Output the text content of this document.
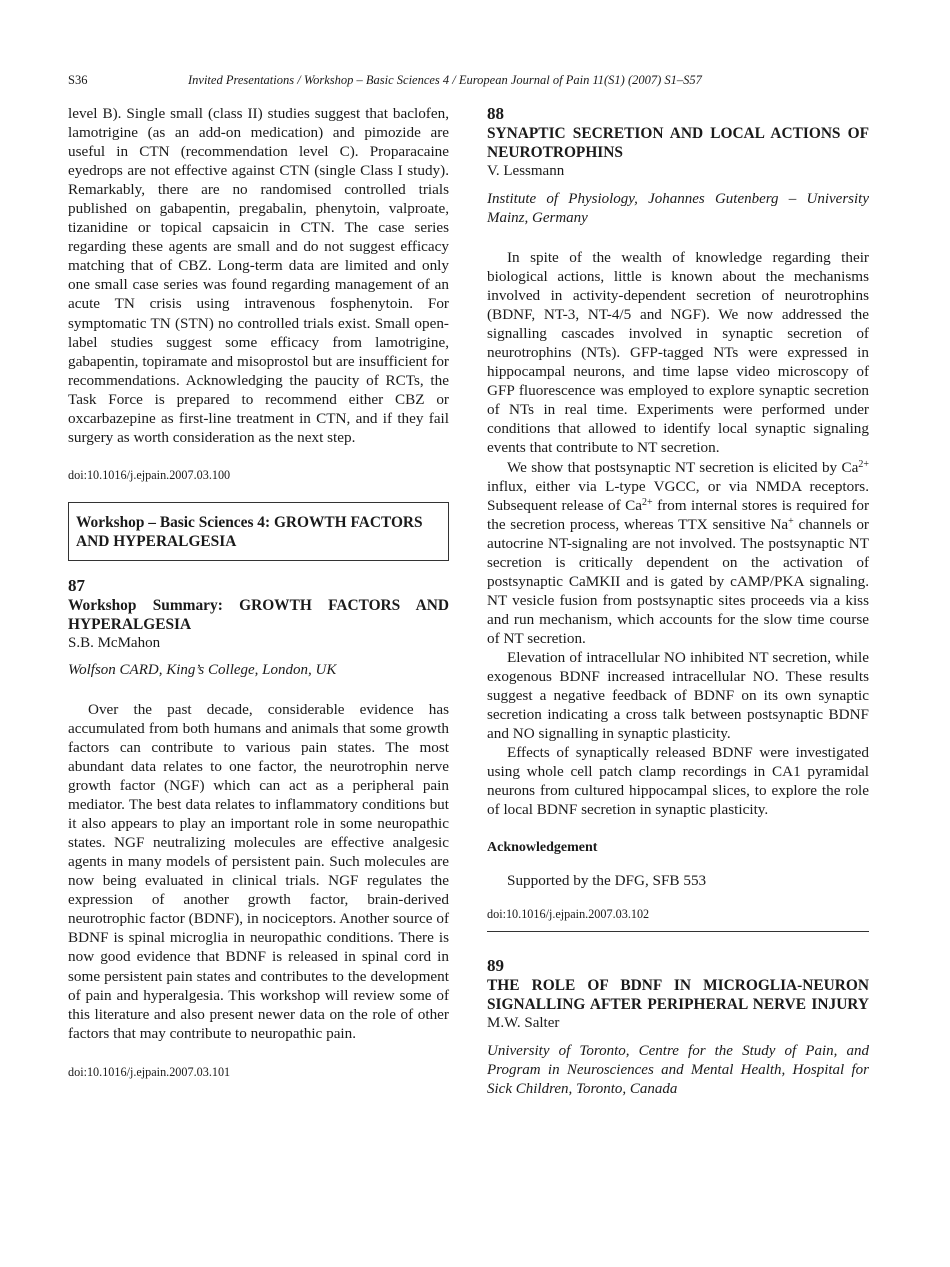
S36	Invited Presentations / Workshop – Basic Sciences 4 / European Journal of Pain 11(S1) (2007) S1–S57

level B). Single small (class II) studies suggest that baclofen, lamotrigine (as an add-on medication) and pimozide are useful in CTN (recommendation level C). Proparacaine eyedrops are not effective against CTN (single Class I study). Remarkably, there are no randomised controlled trials published on gabapentin, pregabalin, phenytoin, valproate, tizanidine or topical capsaicin in CTN. The case series regarding these agents are small and do not suggest efficacy matching that of CBZ. Long-term data are limited and only one small case series was found regarding management of an acute TN crisis using intravenous fosphenytoin. For symptomatic TN (STN) no controlled trials exist. Small open-label studies suggest some efficacy from lamotrigine, gabapentin, topiramate and misoprostol but are insufficient for recommendations. Acknowledging the paucity of RCTs, the Task Force is prepared to recommend either CBZ or oxcarbazepine as first-line treatment in CTN, and if they fail surgery as worth consideration as the next step.

doi:10.1016/j.ejpain.2007.03.100

Workshop – Basic Sciences 4: GROWTH FACTORS AND HYPERALGESIA

87

Workshop Summary: GROWTH FACTORS AND HYPERALGESIA

S.B. McMahon

Wolfson CARD, King’s College, London, UK

Over the past decade, considerable evidence has accumulated from both humans and animals that some growth factors can contribute to various pain states. The most abundant data relates to one factor, the neurotrophin nerve growth factor (NGF) which can act as a peripheral pain mediator. The best data relates to inflammatory conditions but it also appears to play an important role in some neuropathic states. NGF neutralizing molecules are effective analgesic agents in many models of persistent pain. Such molecules are now being evaluated in clinical trials. NGF regulates the expression of another growth factor, brain-derived neurotrophic factor (BDNF), in nociceptors. Another source of BDNF is spinal microglia in neuropathic conditions. There is now good evidence that BDNF is released in spinal cord in some persistent pain states and contributes to the development of pain and hyperalgesia. This workshop will review some of this literature and also present newer data on the role of other factors that may contribute to neuropathic pain.

doi:10.1016/j.ejpain.2007.03.101

88

SYNAPTIC SECRETION AND LOCAL ACTIONS OF NEUROTROPHINS

V. Lessmann

Institute of Physiology, Johannes Gutenberg – University Mainz, Germany

In spite of the wealth of knowledge regarding their biological actions, little is known about the mechanisms involved in activity-dependent secretion of neurotrophins (BDNF, NT-3, NT-4/5 and NGF). We now addressed the signalling cascades involved in synaptic secretion of neurotrophins (NTs). GFP-tagged NTs were expressed in hippocampal neurons, and time lapse video microscopy of GFP fluorescence was employed to explore synaptic secretion of NTs in real time. Experiments were performed under conditions that allowed to identify local synaptic signaling events that contribute to NT secretion.

We show that postsynaptic NT secretion is elicited by $Ca^{2+}$ influx, either via L-type VGCC, or via NMDA receptors. Subsequent release of $Ca^{2+}$ from internal stores is required for the secretion process, whereas TTX sensitive Na+ channels or autocrine NT-signaling are not involved. The postsynaptic NT secretion is critically dependent on the activation of postsynaptic CaMKII and is gated by cAMP/PKA signaling. NT vesicle fusion from postsynaptic sites proceeds via a kiss and run mechanism, which accounts for the slow time course of NT secretion.

Elevation of intracellular NO inhibited NT secretion, while exogenous BDNF increased intracellular NO. These results suggest a negative feedback of BDNF on its own synaptic secretion indicating a cross talk between postsynaptic BDNF and NO signalling in synaptic plasticity.

Effects of synaptically released BDNF were investigated using whole cell patch clamp recordings in CA1 pyramidal neurons from cultured hippocampal slices, to explore the role of local BDNF secretion in synaptic plasticity.

Acknowledgement

Supported by the DFG, SFB 553

doi:10.1016/j.ejpain.2007.03.102

89

THE ROLE OF BDNF IN MICROGLIA-NEURON SIGNALLING AFTER PERIPHERAL NERVE INJURY

M.W. Salter

University of Toronto, Centre for the Study of Pain, and Program in Neurosciences and Mental Health, Hospital for Sick Children, Toronto, Canada
